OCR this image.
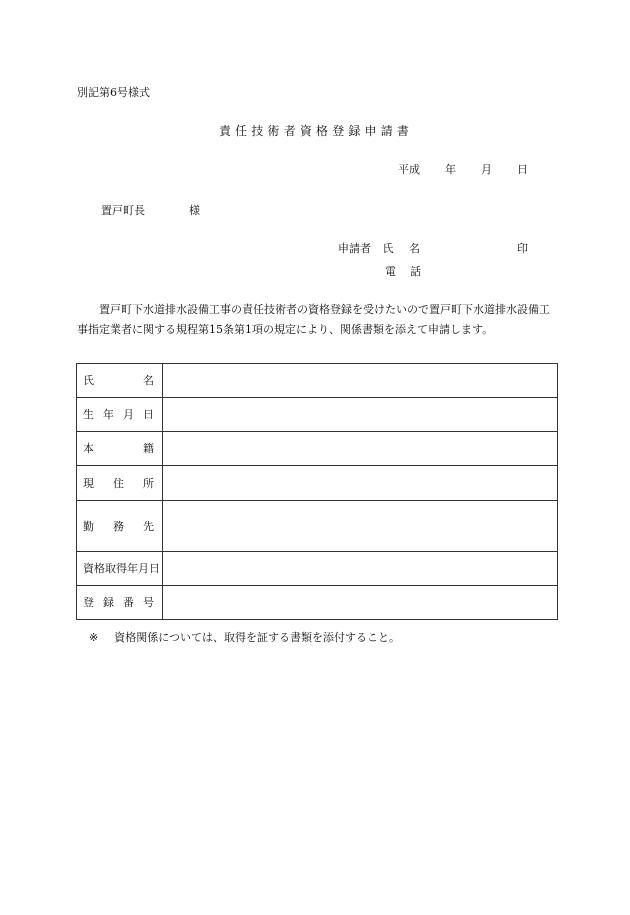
別記第6号様式
責 任 技 術 者 資 格 登 録 申 請 書
平成 年 月 日
置戸町長	様
申請者 氏 名	印
電 話
置戸町下水道排水設備工事の責任技術者の資格登録を受けたいので置戸町下水道排水設備工事指定業者に関する規程第15条第1項の規定により、関係書類を添えて申請します。
氏 名	

生 年 月 日	

本 籍	

現 住 所	

勤 務 先	

資格取得年月日	

登 録 番 号	

※ 資格関係については、取得を証する書類を添付すること。
